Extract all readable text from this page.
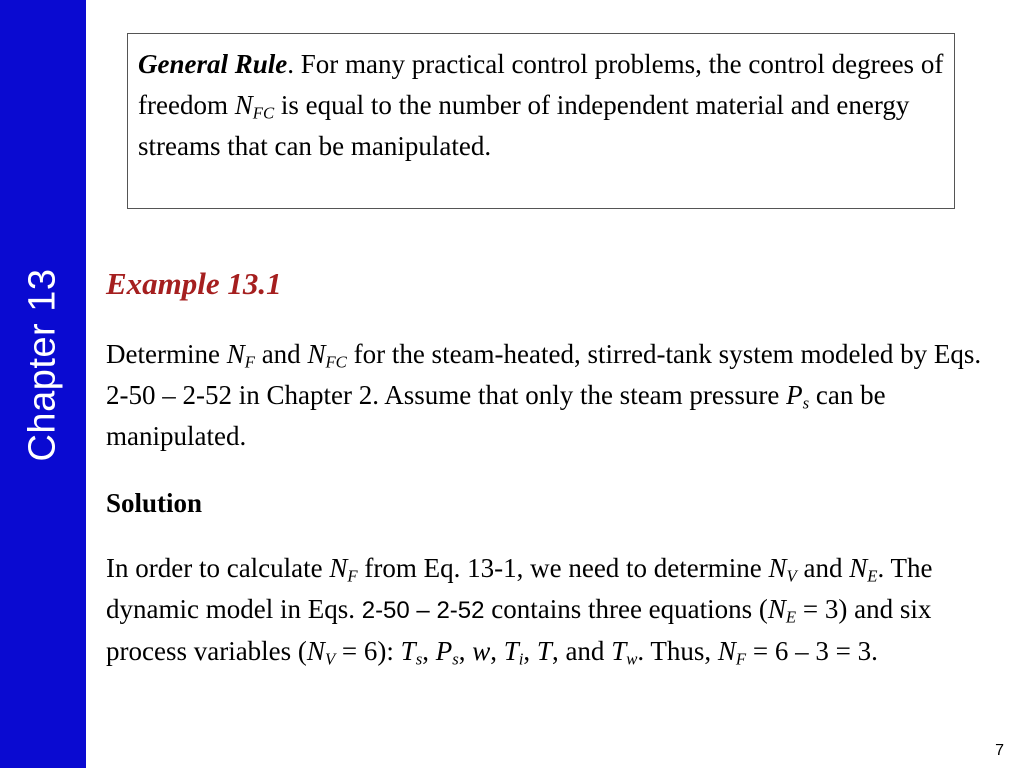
Chapter 13
General Rule. For many practical control problems, the control degrees of freedom $N_{FC}$ is equal to the number of independent material and energy streams that can be manipulated.
Example 13.1
Determine $N_F$ and $N_{FC}$ for the steam-heated, stirred-tank system modeled by Eqs. 2-50 – 2-52 in Chapter 2. Assume that only the steam pressure $P_s$ can be manipulated.
Solution
In order to calculate $N_F$ from Eq. 13-1, we need to determine $N_V$ and $N_E$. The dynamic model in Eqs. 2-50 – 2-52 contains three equations $(N_E = 3)$ and six process variables $(N_V = 6)$: $T_s$, $P_s$, w, $T_i$, T, and $T_w$. Thus, $N_F = 6 - 3 = 3$.
7
